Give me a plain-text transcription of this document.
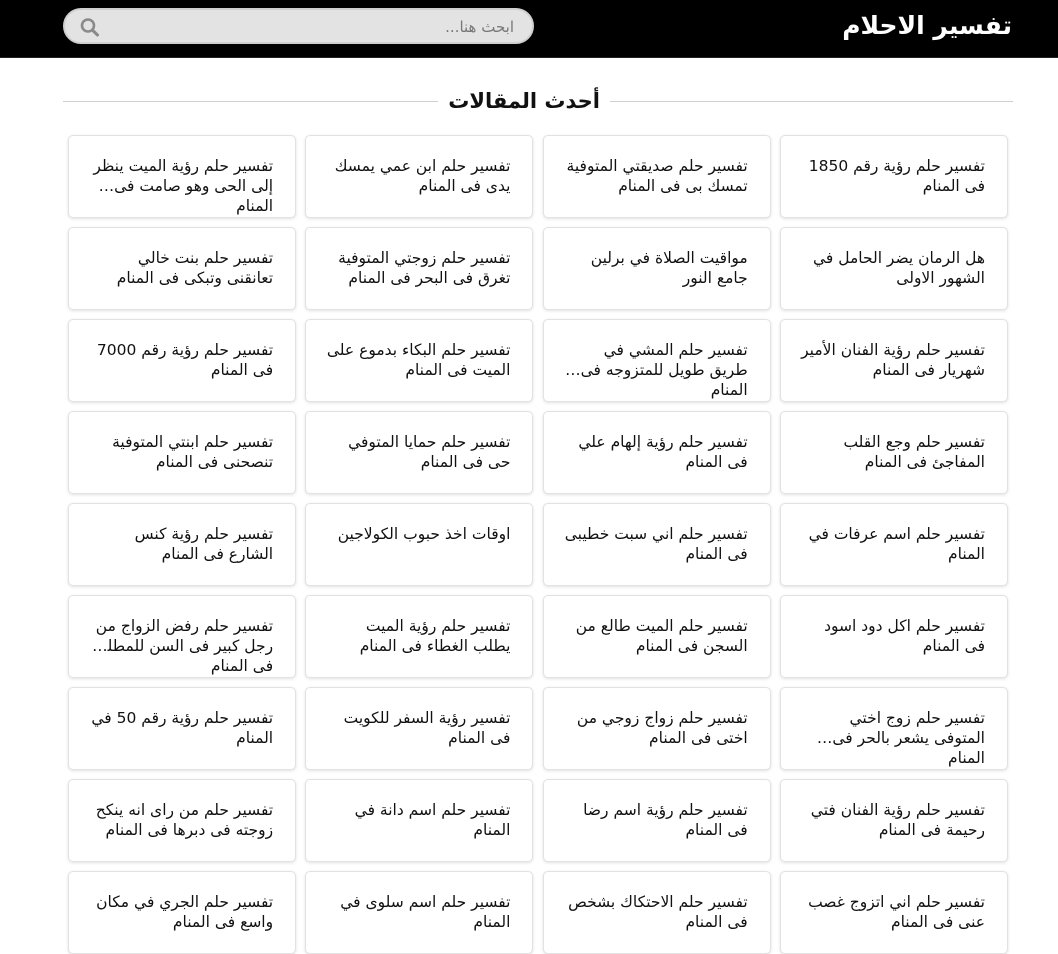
تفسير الاحلام
ابحث هنا...
أحدث المقالات
تفسير حلم رؤية رقم 1850 فى المنام
تفسير حلم صديقتي المتوفية تمسك بى فى المنام
تفسير حلم ابن عمي يمسك يدى فى المنام
تفسير حلم رؤية الميت ينظر إلى الحى وهو صامت فى المنام
هل الرمان يضر الحامل في الشهور الاولى
مواقيت الصلاة في برلين جامع النور
تفسير حلم زوجتي المتوفية تغرق فى البحر فى المنام
تفسير حلم بنت خالي تعانقنى وتبكى فى المنام
تفسير حلم رؤية الفنان الأمير شهريار فى المنام
تفسير حلم المشي في طريق طويل للمتزوجه فى المنام
تفسير حلم البكاء بدموع على الميت فى المنام
تفسير حلم رؤية رقم 7000 فى المنام
تفسير حلم وجع القلب المفاجئ فى المنام
تفسير حلم رؤية إلهام علي فى المنام
تفسير حلم حمايا المتوفي حى فى المنام
تفسير حلم ابنتي المتوفية تنصحنى فى المنام
تفسير حلم اسم عرفات في المنام
تفسير حلم اني سبت خطيبى فى المنام
اوقات اخذ حبوب الكولاجين
تفسير حلم رؤية كنس الشارع فى المنام
تفسير حلم اكل دود اسود فى المنام
تفسير حلم الميت طالع من السجن فى المنام
تفسير حلم رؤية الميت يطلب الغطاء فى المنام
تفسير حلم رفض الزواج من رجل كبير فى السن للمطلقة فى المنام
تفسير حلم زوج اختي المتوفى يشعر بالحر فى المنام
تفسير حلم زواج زوجي من اختى فى المنام
تفسير رؤية السفر للكويت فى المنام
تفسير حلم رؤية رقم 50 في المنام
تفسير حلم رؤية الفنان فتي رحيمة فى المنام
تفسير حلم رؤية اسم رضا فى المنام
تفسير حلم اسم دانة في المنام
تفسير حلم من راى انه ينكح زوجته فى دبرها فى المنام
تفسير حلم اني اتزوج غصب عنى فى المنام
تفسير حلم الاحتكاك بشخص فى المنام
تفسير حلم اسم سلوى في المنام
تفسير حلم الجري في مكان واسع فى المنام
